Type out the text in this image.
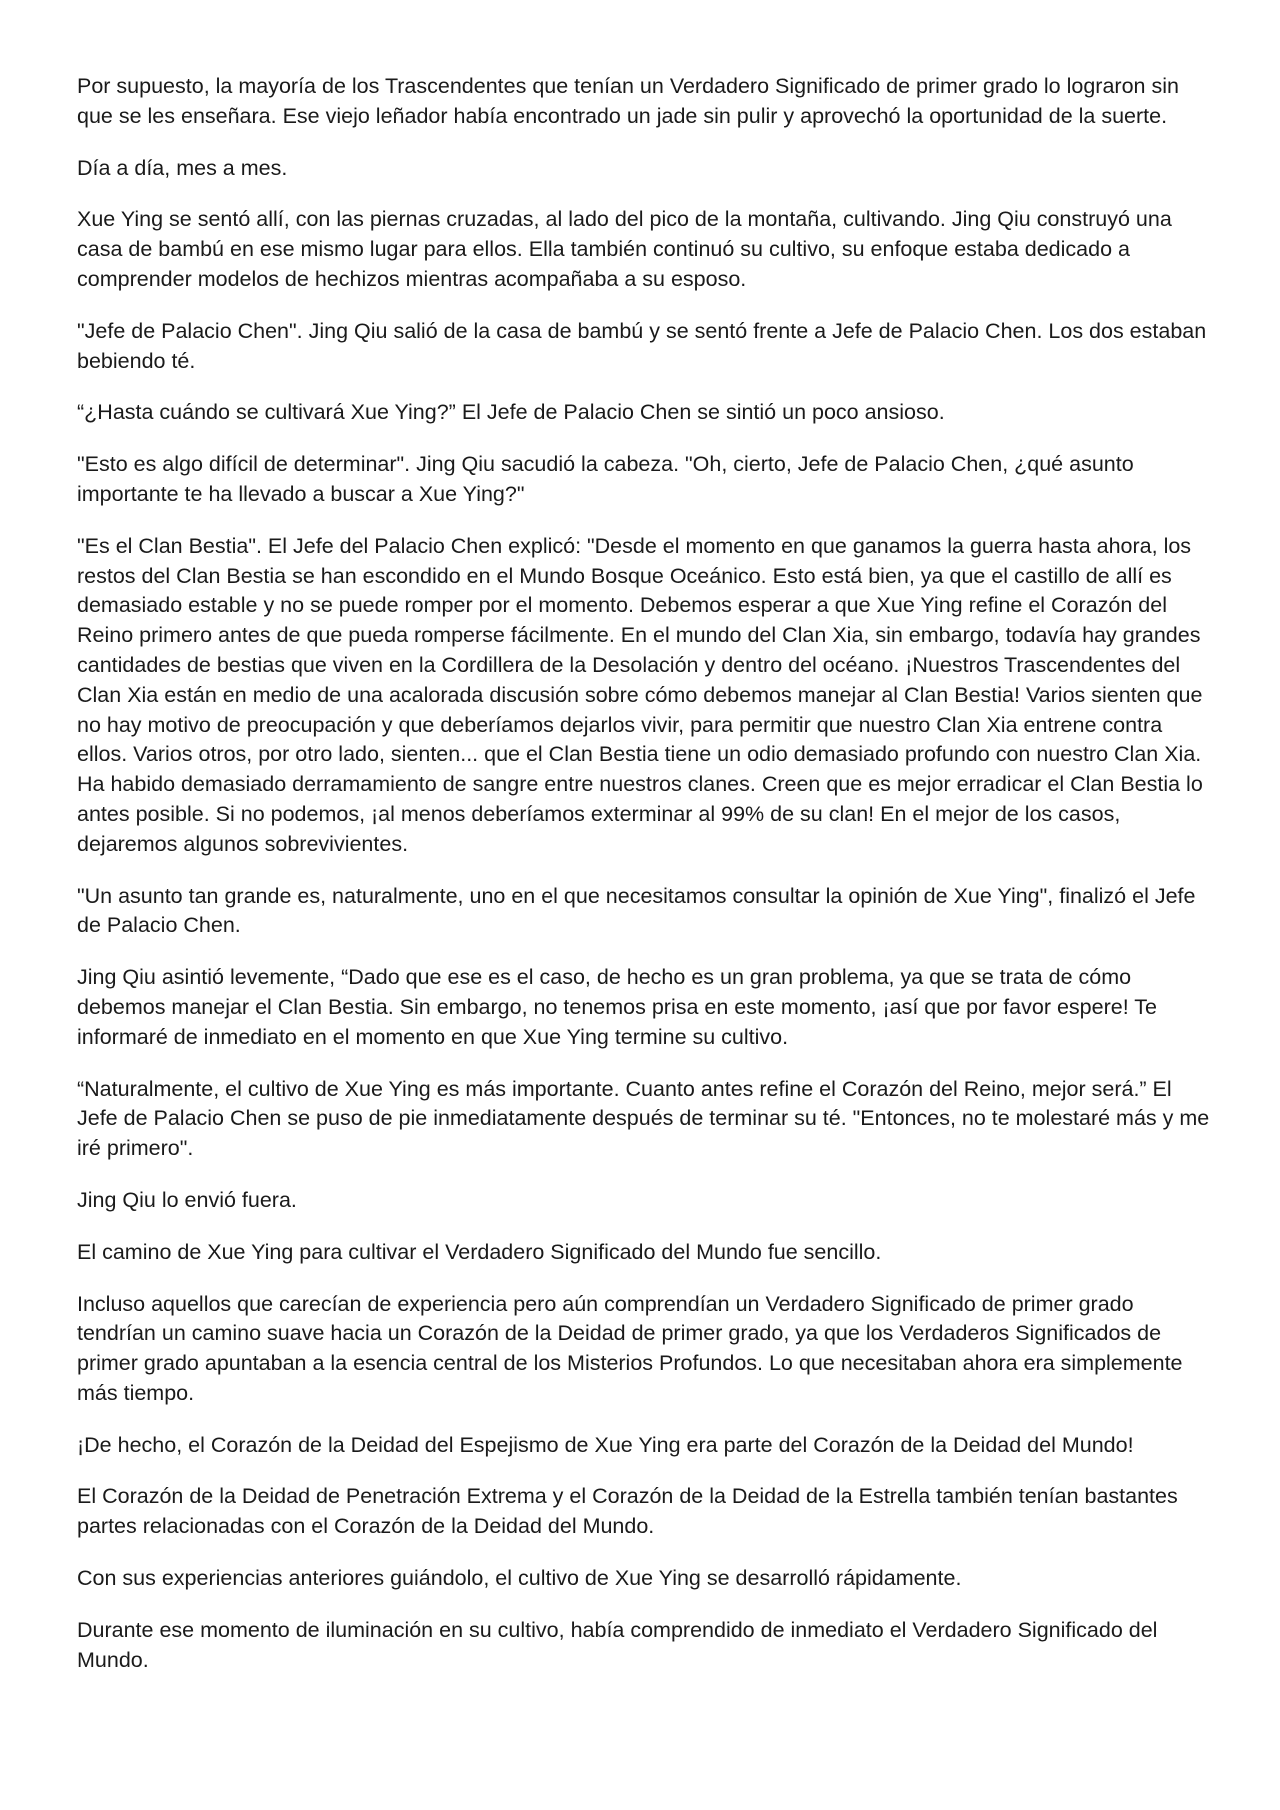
Por supuesto, la mayoría de los Trascendentes que tenían un Verdadero Significado de primer grado lo lograron sin que se les enseñara. Ese viejo leñador había encontrado un jade sin pulir y aprovechó la oportunidad de la suerte.

Día a día, mes a mes.

Xue Ying se sentó allí, con las piernas cruzadas, al lado del pico de la montaña, cultivando. Jing Qiu construyó una casa de bambú en ese mismo lugar para ellos. Ella también continuó su cultivo, su enfoque estaba dedicado a comprender modelos de hechizos mientras acompañaba a su esposo.

"Jefe de Palacio Chen". Jing Qiu salió de la casa de bambú y se sentó frente a Jefe de Palacio Chen. Los dos estaban bebiendo té.

“¿Hasta cuándo se cultivará Xue Ying?” El Jefe de Palacio Chen se sintió un poco ansioso.

"Esto es algo difícil de determinar". Jing Qiu sacudió la cabeza. "Oh, cierto, Jefe de Palacio Chen, ¿qué asunto importante te ha llevado a buscar a Xue Ying?"

"Es el Clan Bestia". El Jefe del Palacio Chen explicó: "Desde el momento en que ganamos la guerra hasta ahora, los restos del Clan Bestia se han escondido en el Mundo Bosque Oceánico. Esto está bien, ya que el castillo de allí es demasiado estable y no se puede romper por el momento. Debemos esperar a que Xue Ying refine el Corazón del Reino primero antes de que pueda romperse fácilmente. En el mundo del Clan Xia, sin embargo, todavía hay grandes cantidades de bestias que viven en la Cordillera de la Desolación y dentro del océano. ¡Nuestros Trascendentes del Clan Xia están en medio de una acalorada discusión sobre cómo debemos manejar al Clan Bestia! Varios sienten que no hay motivo de preocupación y que deberíamos dejarlos vivir, para permitir que nuestro Clan Xia entrene contra ellos. Varios otros, por otro lado, sienten... que el Clan Bestia tiene un odio demasiado profundo con nuestro Clan Xia. Ha habido demasiado derramamiento de sangre entre nuestros clanes. Creen que es mejor erradicar el Clan Bestia lo antes posible. Si no podemos, ¡al menos deberíamos exterminar al 99% de su clan! En el mejor de los casos, dejaremos algunos sobrevivientes.

"Un asunto tan grande es, naturalmente, uno en el que necesitamos consultar la opinión de Xue Ying", finalizó el Jefe de Palacio Chen.

Jing Qiu asintió levemente, “Dado que ese es el caso, de hecho es un gran problema, ya que se trata de cómo debemos manejar el Clan Bestia. Sin embargo, no tenemos prisa en este momento, ¡así que por favor espere! Te informaré de inmediato en el momento en que Xue Ying termine su cultivo.

“Naturalmente, el cultivo de Xue Ying es más importante. Cuanto antes refine el Corazón del Reino, mejor será.” El Jefe de Palacio Chen se puso de pie inmediatamente después de terminar su té. "Entonces, no te molestaré más y me iré primero".

Jing Qiu lo envió fuera.

El camino de Xue Ying para cultivar el Verdadero Significado del Mundo fue sencillo.

Incluso aquellos que carecían de experiencia pero aún comprendían un Verdadero Significado de primer grado tendrían un camino suave hacia un Corazón de la Deidad de primer grado, ya que los Verdaderos Significados de primer grado apuntaban a la esencia central de los Misterios Profundos. Lo que necesitaban ahora era simplemente más tiempo.

¡De hecho, el Corazón de la Deidad del Espejismo de Xue Ying era parte del Corazón de la Deidad del Mundo!

El Corazón de la Deidad de Penetración Extrema y el Corazón de la Deidad de la Estrella también tenían bastantes partes relacionadas con el Corazón de la Deidad del Mundo.

Con sus experiencias anteriores guiándolo, el cultivo de Xue Ying se desarrolló rápidamente.

Durante ese momento de iluminación en su cultivo, había comprendido de inmediato el Verdadero Significado del Mundo.
